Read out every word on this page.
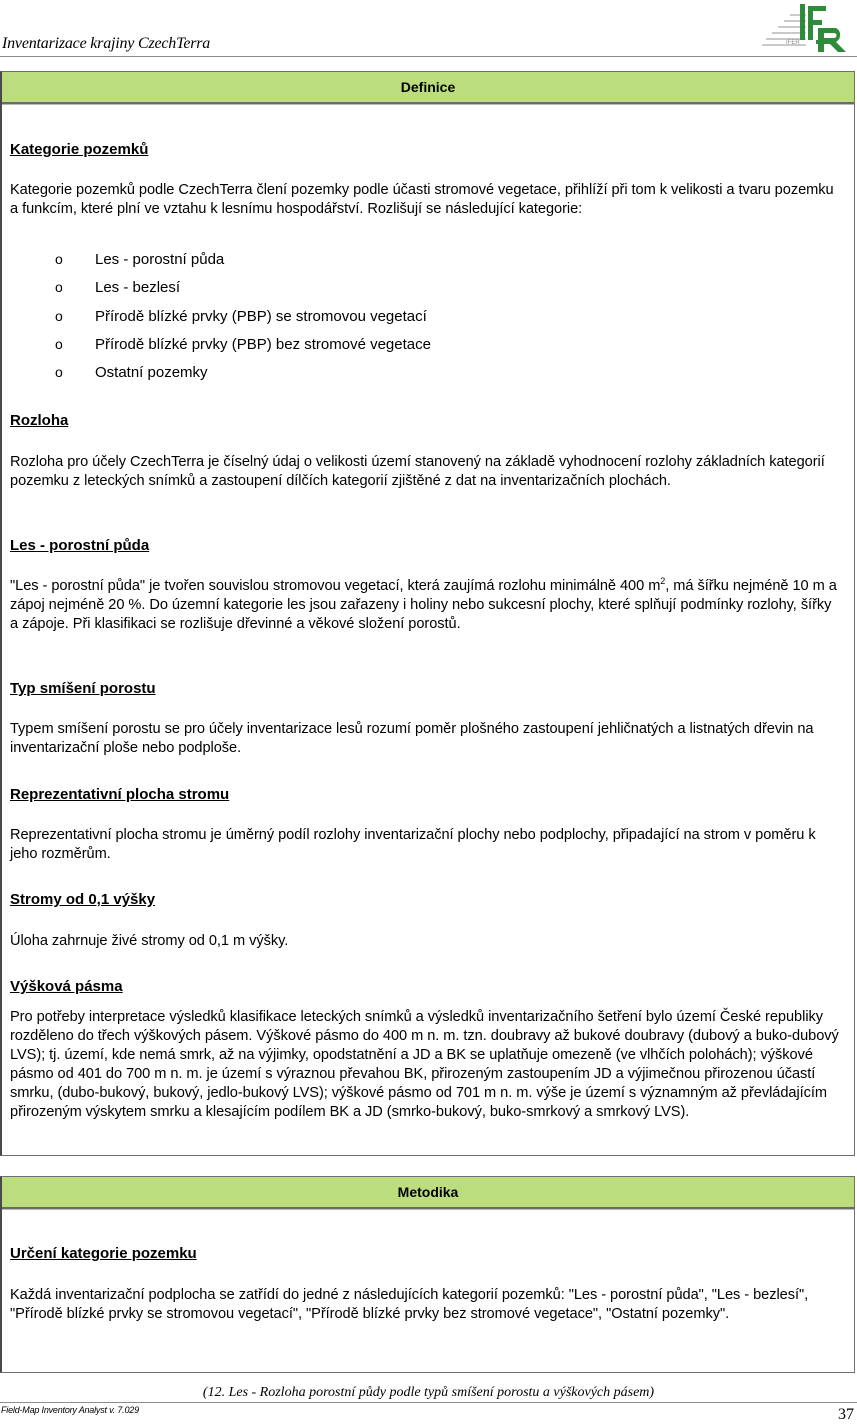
Inventarizace krajiny CzechTerra	IFER
Definice
Kategorie pozemků
Kategorie pozemků podle CzechTerra člení pozemky podle účasti stromové vegetace, přihlíží při tom k velikosti a tvaru pozemku a funkcím, které plní ve vztahu k lesnímu hospodářství. Rozlišují se následující kategorie:
o	Les - porostní půda
o	Les - bezlesí
o	Přírodě blízké prvky (PBP) se stromovou vegetací
o	Přírodě blízké prvky (PBP) bez stromové vegetace
o	Ostatní pozemky
Rozloha
Rozloha pro účely CzechTerra je číselný údaj o velikosti území stanovený na základě vyhodnocení rozlohy základních kategorií pozemku z leteckých snímků a zastoupení dílčích kategorií zjištěné z dat na inventarizačních plochách.
Les - porostní půda
"Les - porostní půda" je tvořen souvislou stromovou vegetací, která zaujímá rozlohu minimálně 400 $m^2$, má šířku nejméně 10 m a zápoj nejméně 20 %. Do územní kategorie les jsou zařazeny i holiny nebo sukcesní plochy, které splňují podmínky rozlohy, šířky a zápoje. Při klasifikaci se rozlišuje dřevinné a věkové složení porostů.
Typ smíšení porostu
Typem smíšení porostu se pro účely inventarizace lesů rozumí poměr plošného zastoupení jehličnatých a listnatých dřevin na inventarizační ploše nebo podploše.
Reprezentativní plocha stromu
Reprezentativní plocha stromu je úměrný podíl rozlohy inventarizační plochy nebo podplochy, připadající na strom v poměru k jeho rozměrům.
Stromy od 0,1 výšky
Úloha zahrnuje živé stromy od 0,1 m výšky.
Výšková pásma
Pro potřeby interpretace výsledků klasifikace leteckých snímků a výsledků inventarizačního šetření bylo území České republiky rozděleno do třech výškových pásem. Výškové pásmo do 400 m n. m. tzn. doubravy až bukové doubravy (dubový a buko-dubový LVS); tj. území, kde nemá smrk, až na výjimky, opodstatnění a JD a BK se uplatňuje omezeně (ve vlhčích polohách); výškové pásmo od 401 do 700 m n. m. je území s výraznou převahou BK, přirozeným zastoupením JD a výjimečnou přirozenou účastí smrku, (dubo-bukový, bukový, jedlo-bukový LVS); výškové pásmo od 701 m n. m. výše je území s významným až převládajícím přirozeným výskytem smrku a klesajícím podílem BK a JD (smrko-bukový, buko-smrkový a smrkový LVS).
Metodika
Určení kategorie pozemku
Každá inventarizační podplocha se zatřídí do jedné z následujících kategorií pozemků: "Les - porostní půda", "Les - bezlesí", "Přírodě blízké prvky se stromovou vegetací", "Přírodě blízké prvky bez stromové vegetace", "Ostatní pozemky".
(12. Les - Rozloha porostní půdy podle typů smíšení porostu a výškových pásem)
Field-Map Inventory Analyst v. 7.029	37
